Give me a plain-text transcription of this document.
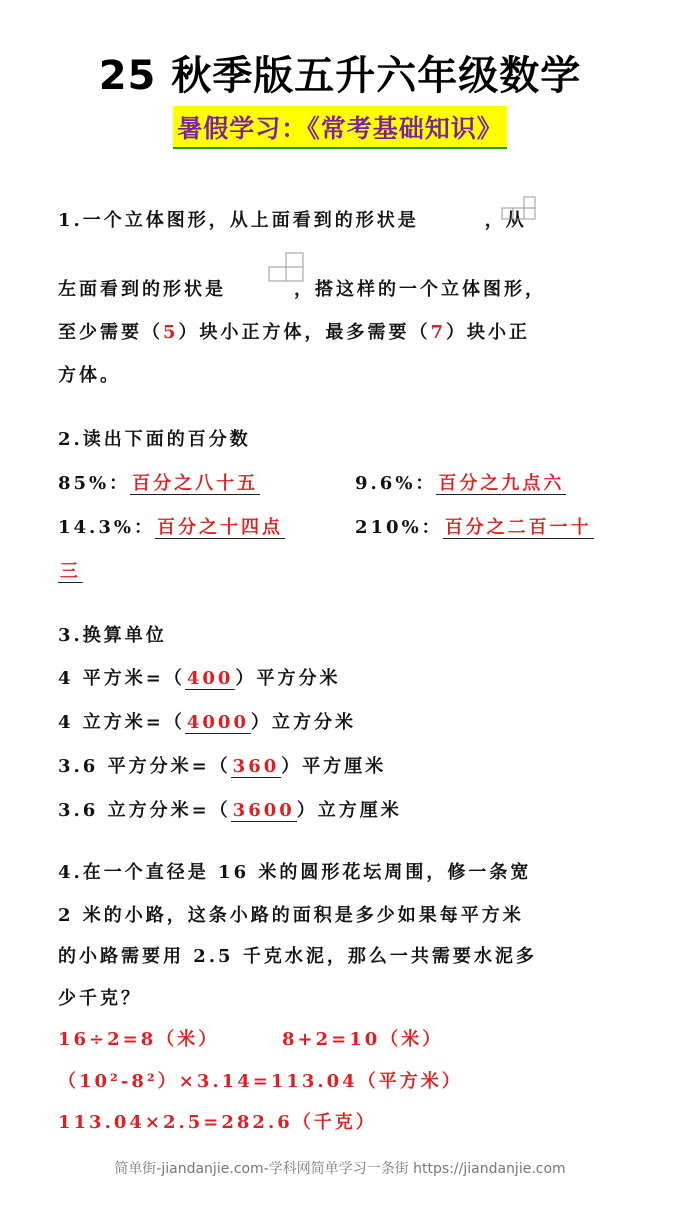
25 秋季版五升六年级数学
暑假学习：《常考基础知识》
1.一个立体图形，从上面看到的形状是	，从
左面看到的形状是	，搭这样的一个立体图形，
至少需要（5）块小正方体，最多需要（7）块小正
方体。
2.读出下面的百分数
85%： 百分之八十五	9.6%： 百分之九点六
14.3%： 百分之十四点	210%： 百分之二百一十
三
3.换算单位
4 平方米=（ 400 ）平方分米
4 立方米=（ 4000 ）立方分米
3.6 平方分米=（ 360 ）平方厘米
3.6 立方分米=（ 3600 ）立方厘米
4.在一个直径是 16 米的圆形花坛周围，修一条宽
2 米的小路，这条小路的面积是多少如果每平方米
的小路需要用 2.5 千克水泥，那么一共需要水泥多
少千克？
16÷2=8（米）	8+2=10（米）
（10²-8²）×3.14=113.04（平方米）
113.04×2.5=282.6（千克）
简单街-jiandanjie.com-学科网简单学习一条街 https://jiandanjie.com
